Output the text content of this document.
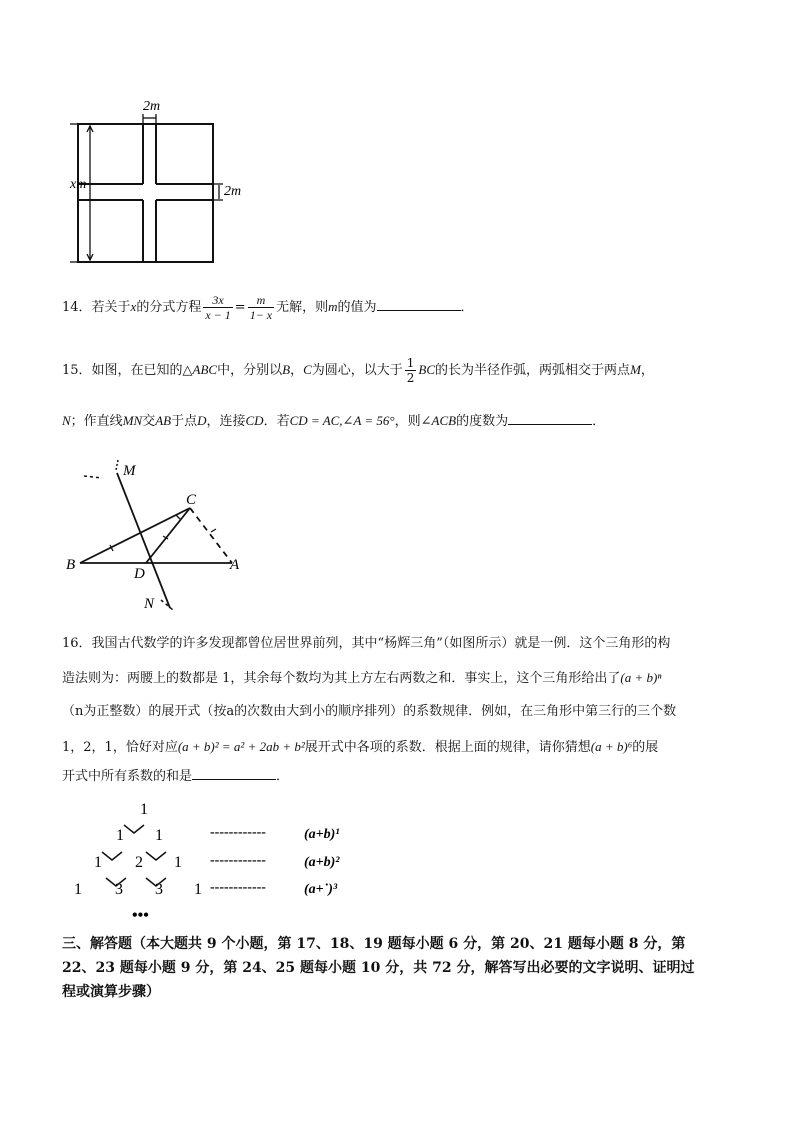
2m
xm	2m
14．若关于x的分式方程 $\frac{3x}{x - 1} = \frac{m}{1- x}$ 无解，则m的值为	．
15．如图，在已知的△ABC中，分别以B，C为圆心，以大于 $\frac{1}{2}$ BC的长为半径作弧，两弧相交于两点M，
N；作直线MN交AB于点D，连接CD．若CD = AC,∠A = 56°，则∠ACB的度数为	．
M
C
B
D
A
N
16．我国古代数学的许多发现都曾位居世界前列，其中“杨辉三角”（如图所示）就是一例．这个三角形的构
造法则为：两腰上的数都是 1，其余每个数均为其上方左右两数之和．事实上，这个三角形给出了(a + b)ⁿ
（n为正整数）的展开式（按a的次数由大到小的顺序排列）的系数规律．例如，在三角形中第三行的三个数
1，2，1，恰好对应(a + b)² = a² + 2ab + b²展开式中各项的系数．根据上面的规律，请你猜想(a + b)⁶的展
开式中所有系数的和是	．
1
1 1
1 2 1
1 3 3 1
------------	(a+b)¹
------------	(a+b)²
------------	(a+˙)³
•••
三、解答题（本大题共 9 个小题，第 17、18、19 题每小题 6 分，第 20、21 题每小题 8 分，第
22、23 题每小题 9 分，第 24、25 题每小题 10 分，共 72 分，解答写出必要的文字说明、证明过
程或演算步骤）
